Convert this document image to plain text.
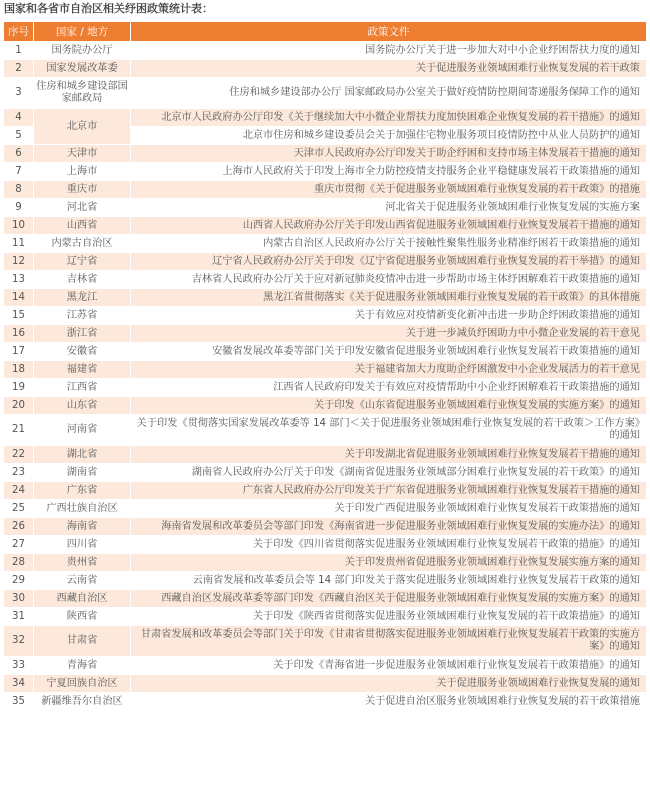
国家和各省市自治区相关纾困政策统计表：
序号	国家 / 地方	政策文件
1	国务院办公厅	国务院办公厅关于进一步加大对中小企业纾困帮扶力度的通知
2	国家发展改革委	关于促进服务业领域困难行业恢复发展的若干政策
3	住房和城乡建设部国家邮政局	住房和城乡建设部办公厅 国家邮政局办公室关于做好疫情防控期间寄递服务保障工作的通知
4	北京市	北京市人民政府办公厅印发《关于继续加大中小微企业帮扶力度加快困难企业恢复发展的若干措施》的通知
5		北京市住房和城乡建设委员会关于加强住宅物业服务项目疫情防控中从业人员防护的通知
6	天津市	天津市人民政府办公厅印发关于助企纾困和支持市场主体发展若干措施的通知
7	上海市	上海市人民政府关于印发上海市全力防控疫情支持服务企业平稳健康发展若干政策措施的通知
8	重庆市	重庆市贯彻《关于促进服务业领域困难行业恢复发展的若干政策》的措施
9	河北省	河北省关于促进服务业领域困难行业恢复发展的实施方案
10	山西省	山西省人民政府办公厅关于印发山西省促进服务业领域困难行业恢复发展若干措施的通知
11	内蒙古自治区	内蒙古自治区人民政府办公厅关于接触性聚集性服务业精准纾困若干政策措施的通知
12	辽宁省	辽宁省人民政府办公厅关于印发《辽宁省促进服务业领域困难行业恢复发展的若干举措》的通知
13	吉林省	吉林省人民政府办公厅关于应对新冠肺炎疫情冲击进一步帮助市场主体纾困解难若干政策措施的通知
14	黑龙江	黑龙江省贯彻落实《关于促进服务业领域困难行业恢复发展的若干政策》的具体措施
15	江苏省	关于有效应对疫情新变化新冲击进一步助企纾困政策措施的通知
16	浙江省	关于进一步减负纾困助力中小微企业发展的若干意见
17	安徽省	安徽省发展改革委等部门关于印发安徽省促进服务业领域困难行业恢复发展若干政策措施的通知
18	福建省	关于福建省加大力度助企纾困激发中小企业发展活力的若干意见
19	江西省	江西省人民政府印发关于有效应对疫情帮助中小企业纾困解难若干政策措施的通知
20	山东省	关于印发《山东省促进服务业领域困难行业恢复发展的实施方案》的通知
21	河南省	关于印发《贯彻落实国家发展改革委等 14 部门＜关于促进服务业领域困难行业恢复发展的若干政策＞工作方案》的通知
22	湖北省	关于印发湖北省促进服务业领域困难行业恢复发展若干措施的通知
23	湖南省	湖南省人民政府办公厅关于印发《湖南省促进服务业领域部分困难行业恢复发展的若干政策》的通知
24	广东省	广东省人民政府办公厅印发关于广东省促进服务业领域困难行业恢复发展若干措施的通知
25	广西壮族自治区	关于印发广西促进服务业领域困难行业恢复发展若干政策措施的通知
26	海南省	海南省发展和改革委员会等部门印发《海南省进一步促进服务业领域困难行业恢复发展的实施办法》的通知
27	四川省	关于印发《四川省贯彻落实促进服务业领域困难行业恢复发展若干政策的措施》的通知
28	贵州省	关于印发贵州省促进服务业领域困难行业恢复发展实施方案的通知
29	云南省	云南省发展和改革委员会等 14 部门印发关于落实促进服务业领域困难行业恢复发展若干政策的通知
30	西藏自治区	西藏自治区发展改革委等部门印发《西藏自治区关于促进服务业领域困难行业恢复发展的实施方案》的通知
31	陕西省	关于印发《陕西省贯彻落实促进服务业领域困难行业恢复发展的若干政策措施》的通知
32	甘肃省	甘肃省发展和改革委员会等部门关于印发《甘肃省贯彻落实促进服务业领域困难行业恢复发展若干政策的实施方案》的通知
33	青海省	关于印发《青海省进一步促进服务业领域困难行业恢复发展若干政策措施》的通知
34	宁夏回族自治区	关于促进服务业领域困难行业恢复发展的通知
35	新疆维吾尔自治区	关于促进自治区服务业领域困难行业恢复发展的若干政策措施
